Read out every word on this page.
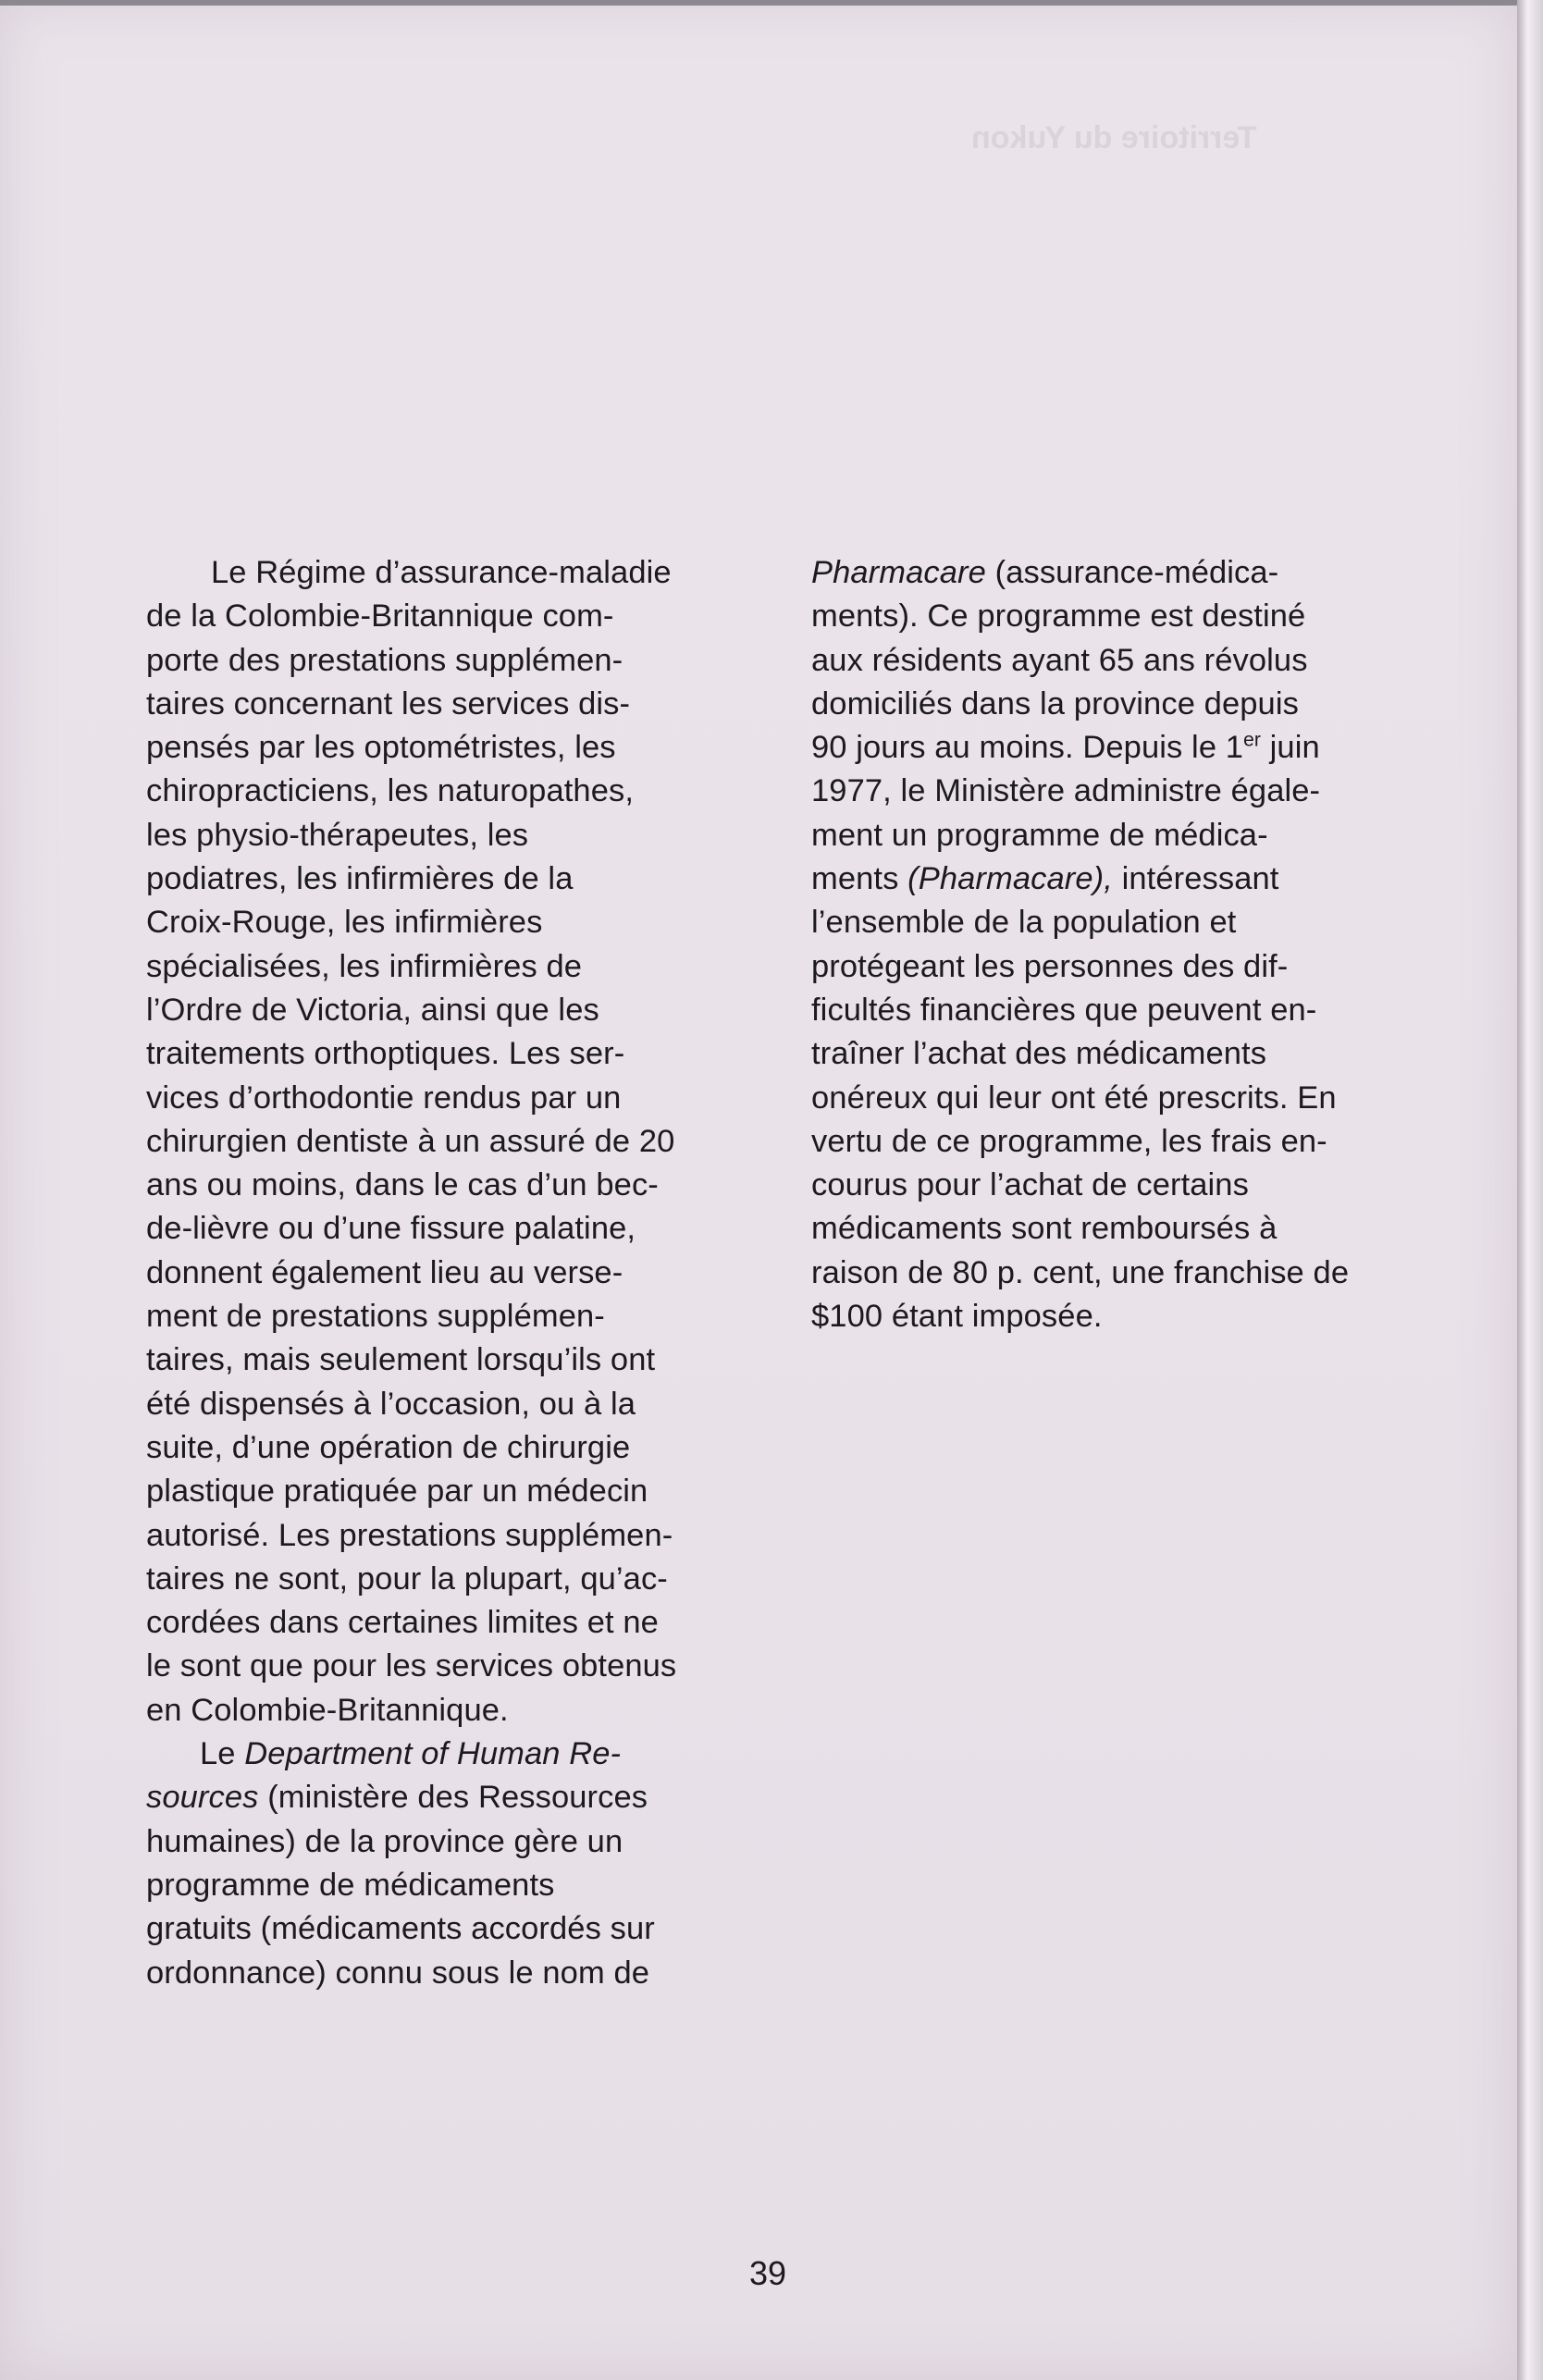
Territoire du Yukon

Le Régime d’assurance-maladie
de la Colombie-Britannique com-
porte des prestations supplémen-
taires concernant les services dis-
pensés par les optométristes, les
chiropracticiens, les naturopathes,
les physio-thérapeutes, les
podiatres, les infirmières de la
Croix-Rouge, les infirmières
spécialisées, les infirmières de
l’Ordre de Victoria, ainsi que les
traitements orthoptiques. Les ser-
vices d’orthodontie rendus par un
chirurgien dentiste à un assuré de 20
ans ou moins, dans le cas d’un bec-
de-lièvre ou d’une fissure palatine,
donnent également lieu au verse-
ment de prestations supplémen-
taires, mais seulement lorsqu’ils ont
été dispensés à l’occasion, ou à la
suite, d’une opération de chirurgie
plastique pratiquée par un médecin
autorisé. Les prestations supplémen-
taires ne sont, pour la plupart, qu’ac-
cordées dans certaines limites et ne
le sont que pour les services obtenus
en Colombie-Britannique.

Le Department of Human Re-
sources (ministère des Ressources
humaines) de la province gère un
programme de médicaments
gratuits (médicaments accordés sur
ordonnance) connu sous le nom de

Pharmacare (assurance-médica-
ments). Ce programme est destiné
aux résidents ayant 65 ans révolus
domiciliés dans la province depuis
90 jours au moins. Depuis le 1er juin
1977, le Ministère administre égale-
ment un programme de médica-
ments (Pharmacare), intéressant
l’ensemble de la population et
protégeant les personnes des dif-
ficultés financières que peuvent en-
traîner l’achat des médicaments
onéreux qui leur ont été prescrits. En
vertu de ce programme, les frais en-
courus pour l’achat de certains
médicaments sont remboursés à
raison de 80 p. cent, une franchise de
$100 étant imposée.

39
